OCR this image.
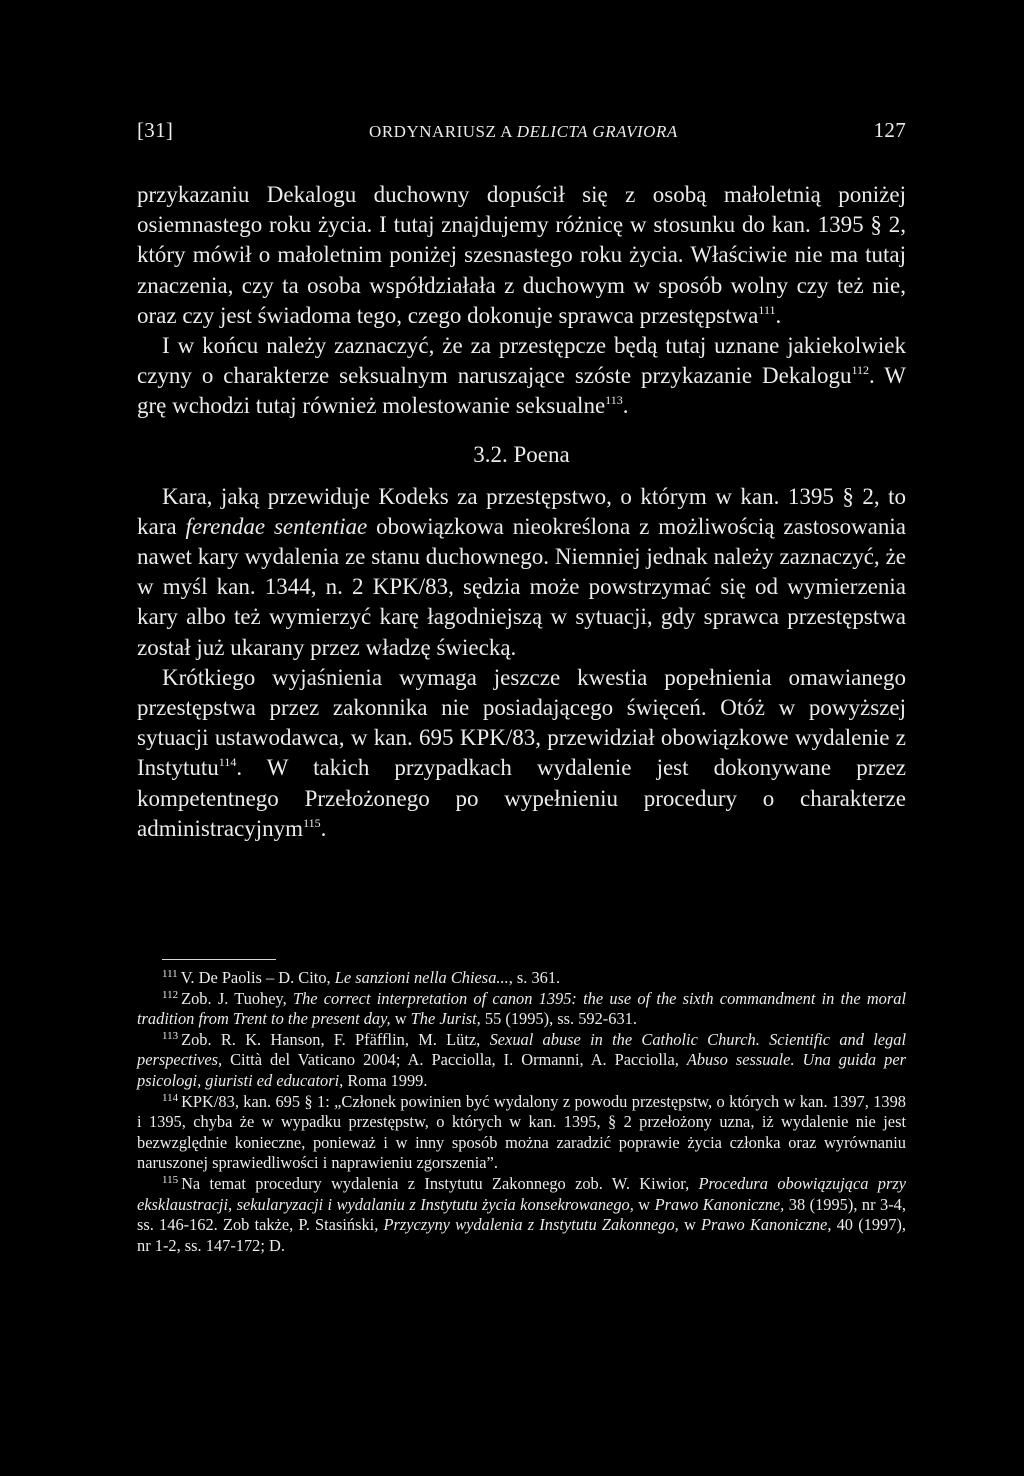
[31]	ORDYNARIUSZ A DELICTA GRAVIORA	127

przykazaniu Dekalogu duchowny dopuścił się z osobą małoletnią poniżej osiemnastego roku życia. I tutaj znajdujemy różnicę w stosunku do kan. 1395 § 2, który mówił o małoletnim poniżej szesnastego roku życia. Właściwie nie ma tutaj znaczenia, czy ta osoba współdziałała z duchowym w sposób wolny czy też nie, oraz czy jest świadoma tego, czego dokonuje sprawca przestępstwa$^{111}$.

I w końcu należy zaznaczyć, że za przestępcze będą tutaj uznane jakiekolwiek czyny o charakterze seksualnym naruszające szóste przykazanie Dekalogu$^{112}$. W grę wchodzi tutaj również molestowanie seksualne$^{113}$.

3.2. Poena

Kara, jaką przewiduje Kodeks za przestępstwo, o którym w kan. 1395 § 2, to kara ferendae sententiae obowiązkowa nieokreślona z możliwością zastosowania nawet kary wydalenia ze stanu duchownego. Niemniej jednak należy zaznaczyć, że w myśl kan. 1344, n. 2 KPK/83, sędzia może powstrzymać się od wymierzenia kary albo też wymierzyć karę łagodniejszą w sytuacji, gdy sprawca przestępstwa został już ukarany przez władzę świecką.

Krótkiego wyjaśnienia wymaga jeszcze kwestia popełnienia omawianego przestępstwa przez zakonnika nie posiadającego święceń. Otóż w powyższej sytuacji ustawodawca, w kan. 695 KPK/83, przewidział obowiązkowe wydalenie z Instytutu$^{114}$. W takich przypadkach wydalenie jest dokonywane przez kompetentnego Przełożonego po wypełnieniu procedury o charakterze administracyjnym$^{115}$.

$^{111}$ V. De Paolis – D. Cito, Le sanzioni nella Chiesa..., s. 361.

$^{112}$ Zob. J. Tuohey, The correct interpretation of canon 1395: the use of the sixth commandment in the moral tradition from Trent to the present day, w The Jurist, 55 (1995), ss. 592-631.

$^{113}$ Zob. R. K. Hanson, F. Pfäfflin, M. Lütz, Sexual abuse in the Catholic Church. Scientific and legal perspectives, Città del Vaticano 2004; A. Pacciolla, I. Ormanni, A. Pacciolla, Abuso sessuale. Una guida per psicologi, giuristi ed educatori, Roma 1999.

$^{114}$ KPK/83, kan. 695 § 1: „Członek powinien być wydalony z powodu przestępstw, o których w kan. 1397, 1398 i 1395, chyba że w wypadku przestępstw, o których w kan. 1395, § 2 przełożony uzna, iż wydalenie nie jest bezwzględnie konieczne, ponieważ i w inny sposób można zaradzić poprawie życia członka oraz wyrównaniu naruszonej sprawiedliwości i naprawieniu zgorszenia”.

$^{115}$ Na temat procedury wydalenia z Instytutu Zakonnego zob. W. Kiwior, Procedura obowiązująca przy eksklaustracji, sekularyzacji i wydalaniu z Instytutu życia konsekrowanego, w Prawo Kanoniczne, 38 (1995), nr 3-4, ss. 146-162. Zob także, P. Stasiński, Przyczyny wydalenia z Instytutu Zakonnego, w Prawo Kanoniczne, 40 (1997), nr 1-2, ss. 147-172; D.
